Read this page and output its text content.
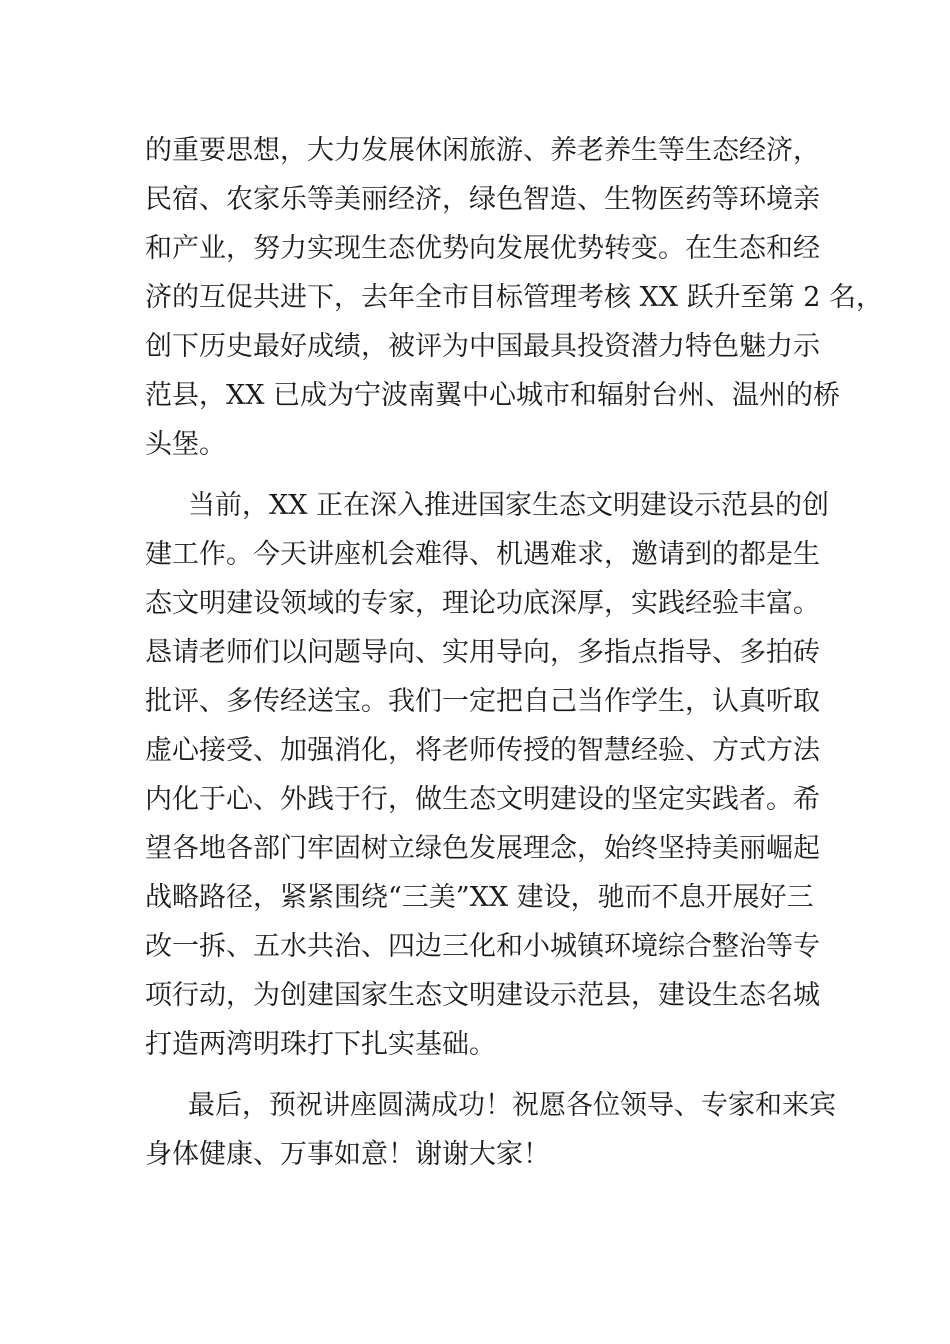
的重要思想，大力发展休闲旅游、养老养生等生态经济，
民宿、农家乐等美丽经济，绿色智造、生物医药等环境亲
和产业，努力实现生态优势向发展优势转变。在生态和经
济的互促共进下，去年全市目标管理考核 XX 跃升至第 2 名，
创下历史最好成绩，被评为中国最具投资潜力特色魅力示
范县，XX 已成为宁波南翼中心城市和辐射台州、温州的桥
头堡。
当前，XX 正在深入推进国家生态文明建设示范县的创
建工作。今天讲座机会难得、机遇难求，邀请到的都是生
态文明建设领域的专家，理论功底深厚，实践经验丰富。
恳请老师们以问题导向、实用导向，多指点指导、多拍砖
批评、多传经送宝。我们一定把自己当作学生，认真听取
虚心接受、加强消化，将老师传授的智慧经验、方式方法
内化于心、外践于行，做生态文明建设的坚定实践者。希
望各地各部门牢固树立绿色发展理念，始终坚持美丽崛起
战略路径，紧紧围绕“三美”XX 建设，驰而不息开展好三
改一拆、五水共治、四边三化和小城镇环境综合整治等专
项行动，为创建国家生态文明建设示范县，建设生态名城
打造两湾明珠打下扎实基础。
最后，预祝讲座圆满成功！祝愿各位领导、专家和来宾
身体健康、万事如意！谢谢大家！
